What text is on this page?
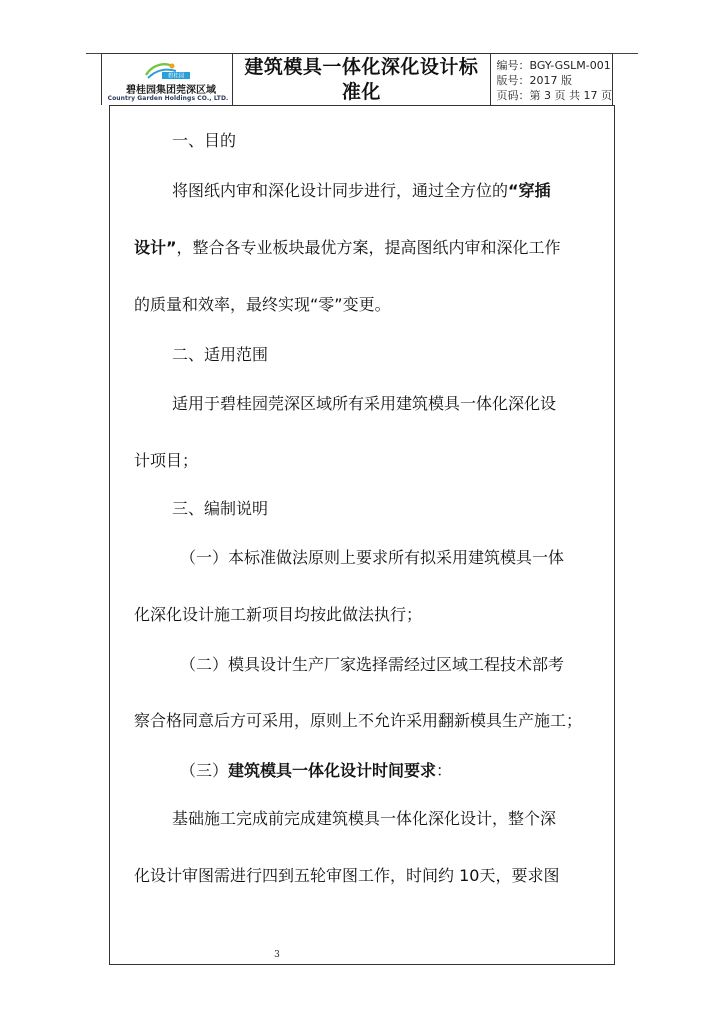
碧桂园
碧桂园集团莞深区域
Country Garden Holdings CO., LTD.
建筑模具一体化深化设计标
准化
编号：BGY-GSLM-001
版号：2017 版
页码：第 3 页 共 17 页
一、目的
将图纸内审和深化设计同步进行，通过全方位的“穿插
设计”，整合各专业板块最优方案，提高图纸内审和深化工作
的质量和效率，最终实现“零”变更。
二、适用范围
适用于碧桂园莞深区域所有采用建筑模具一体化深化设
计项目；
三、编制说明
（一）本标准做法原则上要求所有拟采用建筑模具一体
化深化设计施工新项目均按此做法执行；
（二）模具设计生产厂家选择需经过区域工程技术部考
察合格同意后方可采用，原则上不允许采用翻新模具生产施工；
（三）建筑模具一体化设计时间要求：
基础施工完成前完成建筑模具一体化深化设计，整个深
化设计审图需进行四到五轮审图工作，时间约 10天，要求图
3
